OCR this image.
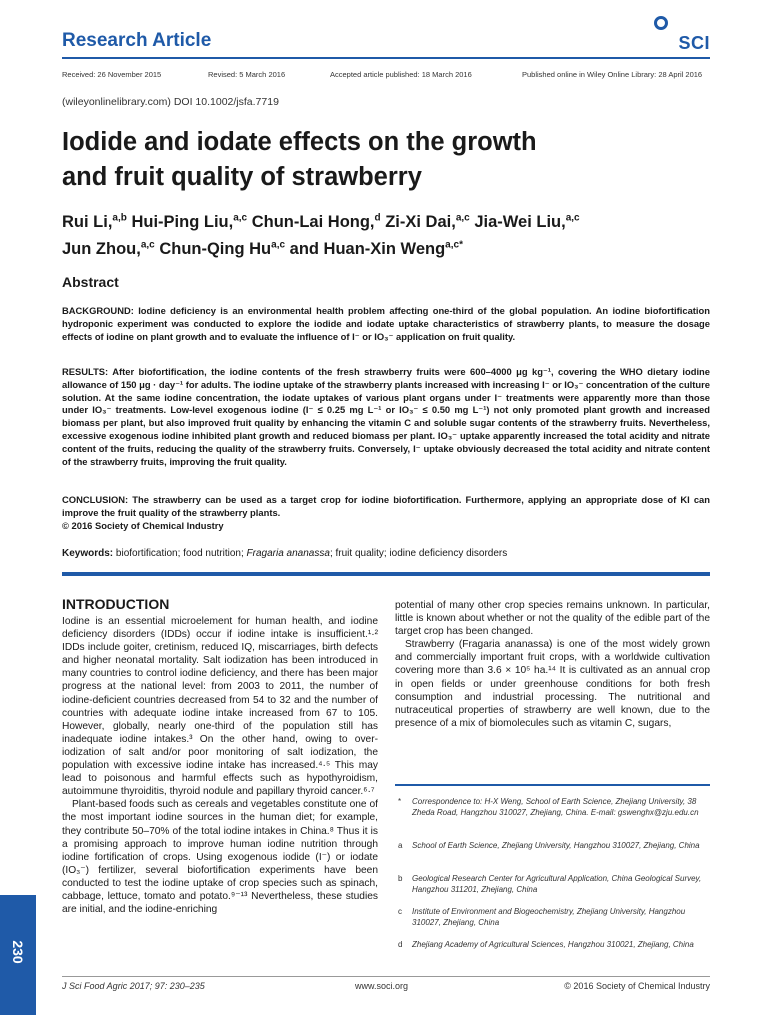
Research Article	SCI
Received: 26 November 2015	Revised: 5 March 2016	Accepted article published: 18 March 2016	Published online in Wiley Online Library: 28 April 2016
(wileyonlinelibrary.com) DOI 10.1002/jsfa.7719
Iodide and iodate effects on the growth
and fruit quality of strawberry
Rui Li,$^{a,b}$ Hui-Ping Liu,$^{a,c}$ Chun-Lai Hong,$^d$ Zi-Xi Dai,$^{a,c}$ Jia-Wei Liu,$^{a,c}$
Jun Zhou,$^{a,c}$ Chun-Qing Hu$^{a,c}$ and Huan-Xin Weng$^{a,c*}$
Abstract
BACKGROUND: Iodine deficiency is an environmental health problem affecting one-third of the global population. An iodine biofortification hydroponic experiment was conducted to explore the iodide and iodate uptake characteristics of strawberry plants, to measure the dosage effects of iodine on plant growth and to evaluate the influence of I⁻ or IO₃⁻ application on fruit quality.
RESULTS: After biofortification, the iodine contents of the fresh strawberry fruits were 600–4000 μg kg⁻¹, covering the WHO dietary iodine allowance of 150 μg · day⁻¹ for adults. The iodine uptake of the strawberry plants increased with increasing I⁻ or IO₃⁻ concentration of the culture solution. At the same iodine concentration, the iodate uptakes of various plant organs under I⁻ treatments were apparently more than those under IO₃⁻ treatments. Low-level exogenous iodine (I⁻ ≤ 0.25 mg L⁻¹ or IO₃⁻ ≤ 0.50 mg L⁻¹) not only promoted plant growth and increased biomass per plant, but also improved fruit quality by enhancing the vitamin C and soluble sugar contents of the strawberry fruits. Nevertheless, excessive exogenous iodine inhibited plant growth and reduced biomass per plant. IO₃⁻ uptake apparently increased the total acidity and nitrate content of the fruits, reducing the quality of the strawberry fruits. Conversely, I⁻ uptake obviously decreased the total acidity and nitrate content of the strawberry fruits, improving the fruit quality.
CONCLUSION: The strawberry can be used as a target crop for iodine biofortification. Furthermore, applying an appropriate dose of KI can improve the fruit quality of the strawberry plants.
© 2016 Society of Chemical Industry
Keywords: biofortification; food nutrition; Fragaria ananassa; fruit quality; iodine deficiency disorders
INTRODUCTION

Iodine is an essential microelement for human health, and iodine deficiency disorders (IDDs) occur if iodine intake is insufficient.¹·² IDDs include goiter, cretinism, reduced IQ, miscarriages, birth defects and higher neonatal mortality. Salt iodization has been introduced in many countries to control iodine deficiency, and there has been major progress at the national level: from 2003 to 2011, the number of iodine-deficient countries decreased from 54 to 32 and the number of countries with adequate iodine intake increased from 67 to 105. However, globally, nearly one-third of the population still has inadequate iodine intakes.³ On the other hand, owing to over-iodization of salt and/or poor monitoring of salt iodization, the population with excessive iodine intake has increased.⁴·⁵ This may lead to poisonous and harmful effects such as hypothyroidism, autoimmune thyroiditis, thyroid nodule and papillary thyroid cancer.⁶·⁷

Plant-based foods such as cereals and vegetables constitute one of the most important iodine sources in the human diet; for example, they contribute 50–70% of the total iodine intakes in China.⁸ Thus it is a promising approach to improve human iodine nutrition through iodine fortification of crops. Using exogenous iodide (I⁻) or iodate (IO₃⁻) fertilizer, several biofortification experiments have been conducted to test the iodine uptake of crop species such as spinach, cabbage, lettuce, tomato and potato.⁹⁻¹³ Nevertheless, these studies are initial, and the iodine-enriching

potential of many other crop species remains unknown. In particular, little is known about whether or not the quality of the edible part of the target crop has been changed.

Strawberry (Fragaria ananassa) is one of the most widely grown and commercially important fruit crops, with a worldwide cultivation covering more than 3.6 × 10⁵ ha.¹⁴ It is cultivated as an annual crop in open fields or under greenhouse conditions for both fresh consumption and industrial processing. The nutritional and nutraceutical properties of strawberry are well known, due to the presence of a mix of biomolecules such as vitamin C, sugars,

* Correspondence to: H-X Weng, School of Earth Science, Zhejiang University, 38 Zheda Road, Hangzhou 310027, Zhejiang, China. E-mail: gswenghx@zju.edu.cn
a School of Earth Science, Zhejiang University, Hangzhou 310027, Zhejiang, China
b Geological Research Center for Agricultural Application, China Geological Survey, Hangzhou 311201, Zhejiang, China
c Institute of Environment and Biogeochemistry, Zhejiang University, Hangzhou 310027, Zhejiang, China
d Zhejiang Academy of Agricultural Sciences, Hangzhou 310021, Zhejiang, China
J Sci Food Agric 2017; 97: 230–235	www.soci.org	© 2016 Society of Chemical Industry
230
